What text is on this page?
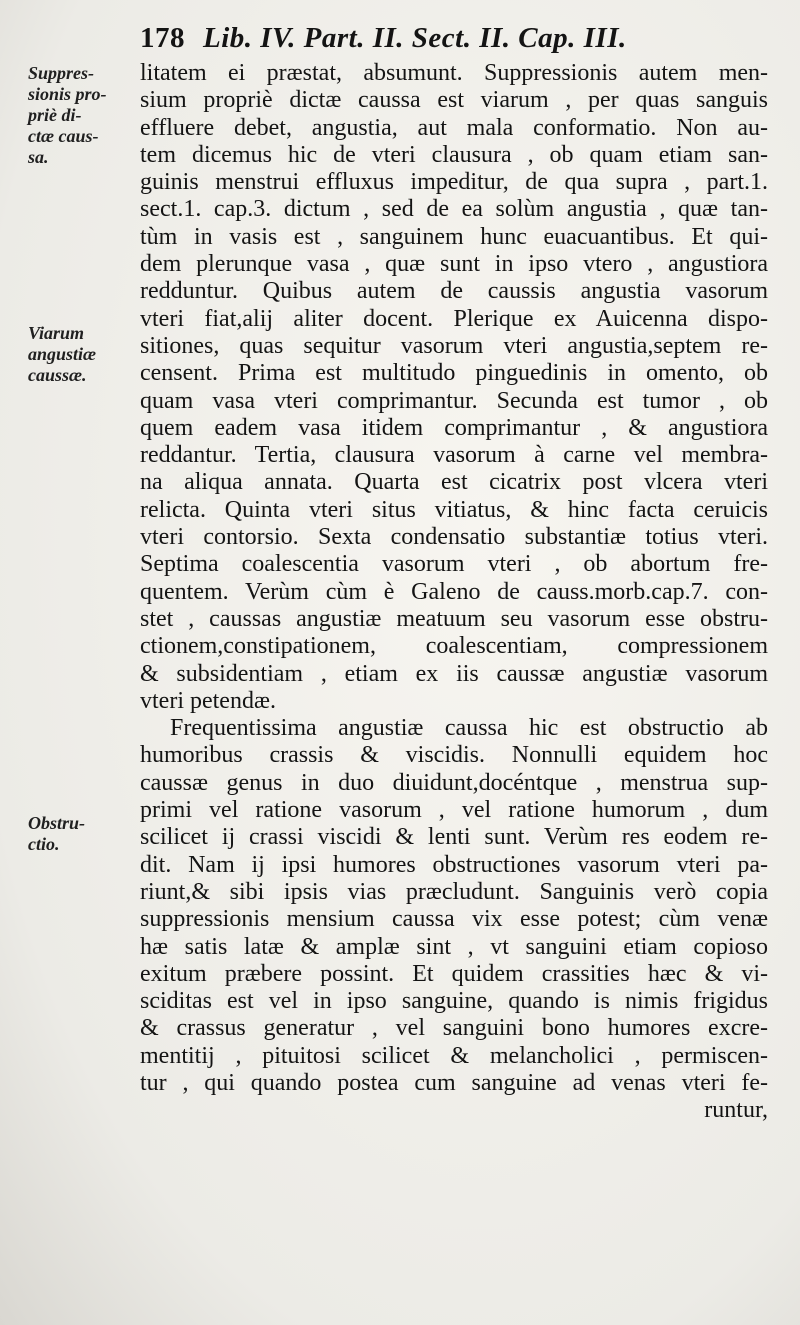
178 Lib. IV. Part. II. Sect. II. Cap. III.
Suppres-
sionis pro-
priè di-
ctæ caus-
sa.
Viarum
angustiæ
caussæ.
Obstru-
ctio.
litatem ei præstat, absumunt. Suppressionis autem men-
sium propriè dictæ caussa est viarum , per quas sanguis
effluere debet, angustia, aut mala conformatio. Non au-
tem dicemus hic de vteri clausura , ob quam etiam san-
guinis menstrui effluxus impeditur, de qua supra , part.1.
sect.1. cap.3. dictum , sed de ea solùm angustia , quæ tan-
tùm in vasis est , sanguinem hunc euacuantibus. Et qui-
dem plerunque vasa , quæ sunt in ipso vtero , angustiora
redduntur. Quibus autem de caussis angustia vasorum
vteri fiat,alij aliter docent. Plerique ex Auicenna dispo-
sitiones, quas sequitur vasorum vteri angustia,septem re-
censent. Prima est multitudo pinguedinis in omento, ob
quam vasa vteri comprimantur. Secunda est tumor , ob
quem eadem vasa itidem comprimantur , & angustiora
reddantur. Tertia, clausura vasorum à carne vel membra-
na aliqua annata. Quarta est cicatrix post vlcera vteri
relicta. Quinta vteri situs vitiatus, & hinc facta ceruicis
vteri contorsio. Sexta condensatio substantiæ totius vteri.
Septima coalescentia vasorum vteri , ob abortum fre-
quentem. Verùm cùm è Galeno de causs.morb.cap.7. con-
stet , caussas angustiæ meatuum seu vasorum esse obstru-
ctionem,constipationem, coalescentiam, compressionem
& subsidentiam , etiam ex iis caussæ angustiæ vasorum
vteri petendæ.
Frequentissima angustiæ caussa hic est obstructio ab
humoribus crassis & viscidis. Nonnulli equidem hoc
caussæ genus in duo diuidunt,docéntque , menstrua sup-
primi vel ratione vasorum , vel ratione humorum , dum
scilicet ij crassi viscidi & lenti sunt. Verùm res eodem re-
dit. Nam ij ipsi humores obstructiones vasorum vteri pa-
riunt,& sibi ipsis vias præcludunt. Sanguinis verò copia
suppressionis mensium caussa vix esse potest; cùm venæ
hæ satis latæ & amplæ sint , vt sanguini etiam copioso
exitum præbere possint. Et quidem crassities hæc & vi-
sciditas est vel in ipso sanguine, quando is nimis frigidus
& crassus generatur , vel sanguini bono humores excre-
mentitij , pituitosi scilicet & melancholici , permiscen-
tur , qui quando postea cum sanguine ad venas vteri fe-
runtur,
